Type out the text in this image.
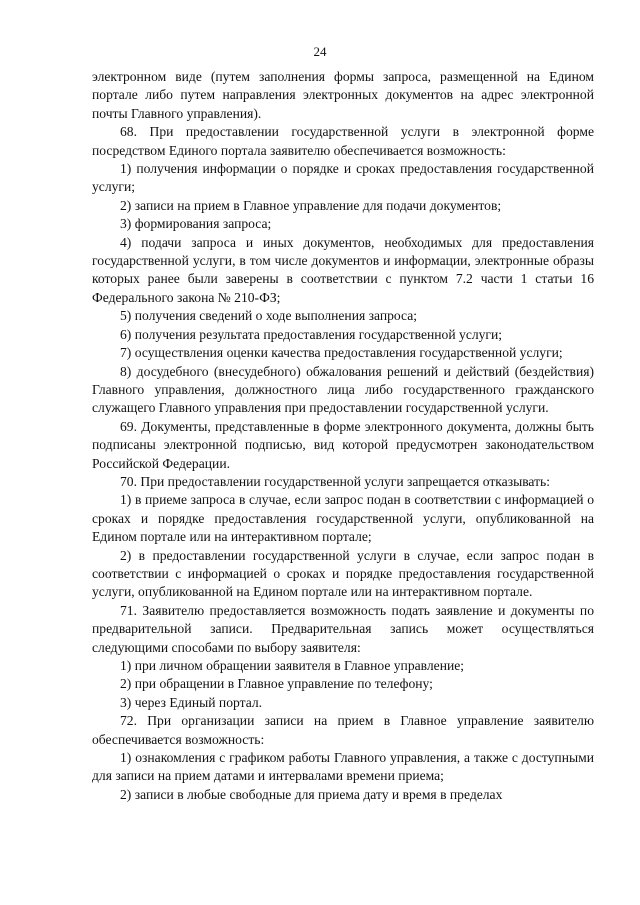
24

электронном виде (путем заполнения формы запроса, размещенной на Едином портале либо путем направления электронных документов на адрес электронной почты Главного управления).

68. При предоставлении государственной услуги в электронной форме посредством Единого портала заявителю обеспечивается возможность:

1) получения информации о порядке и сроках предоставления государственной услуги;

2) записи на прием в Главное управление для подачи документов;

3) формирования запроса;

4) подачи запроса и иных документов, необходимых для предоставления государственной услуги, в том числе документов и информации, электронные образы которых ранее были заверены в соответствии с пунктом 7.2 части 1 статьи 16 Федерального закона № 210-ФЗ;

5) получения сведений о ходе выполнения запроса;

6) получения результата предоставления государственной услуги;

7) осуществления оценки качества предоставления государственной услуги;

8) досудебного (внесудебного) обжалования решений и действий (бездействия) Главного управления, должностного лица либо государственного гражданского служащего Главного управления при предоставлении государственной услуги.

69. Документы, представленные в форме электронного документа, должны быть подписаны электронной подписью, вид которой предусмотрен законодательством Российской Федерации.

70. При предоставлении государственной услуги запрещается отказывать:

1) в приеме запроса в случае, если запрос подан в соответствии с информацией о сроках и порядке предоставления государственной услуги, опубликованной на Едином портале или на интерактивном портале;

2) в предоставлении государственной услуги в случае, если запрос подан в соответствии с информацией о сроках и порядке предоставления государственной услуги, опубликованной на Едином портале или на интерактивном портале.

71. Заявителю предоставляется возможность подать заявление и документы по предварительной записи. Предварительная запись может осуществляться следующими способами по выбору заявителя:

1) при личном обращении заявителя в Главное управление;

2) при обращении в Главное управление по телефону;

3) через Единый портал.

72. При организации записи на прием в Главное управление заявителю обеспечивается возможность:

1) ознакомления с графиком работы Главного управления, а также с доступными для записи на прием датами и интервалами времени приема;

2) записи в любые свободные для приема дату и время в пределах
